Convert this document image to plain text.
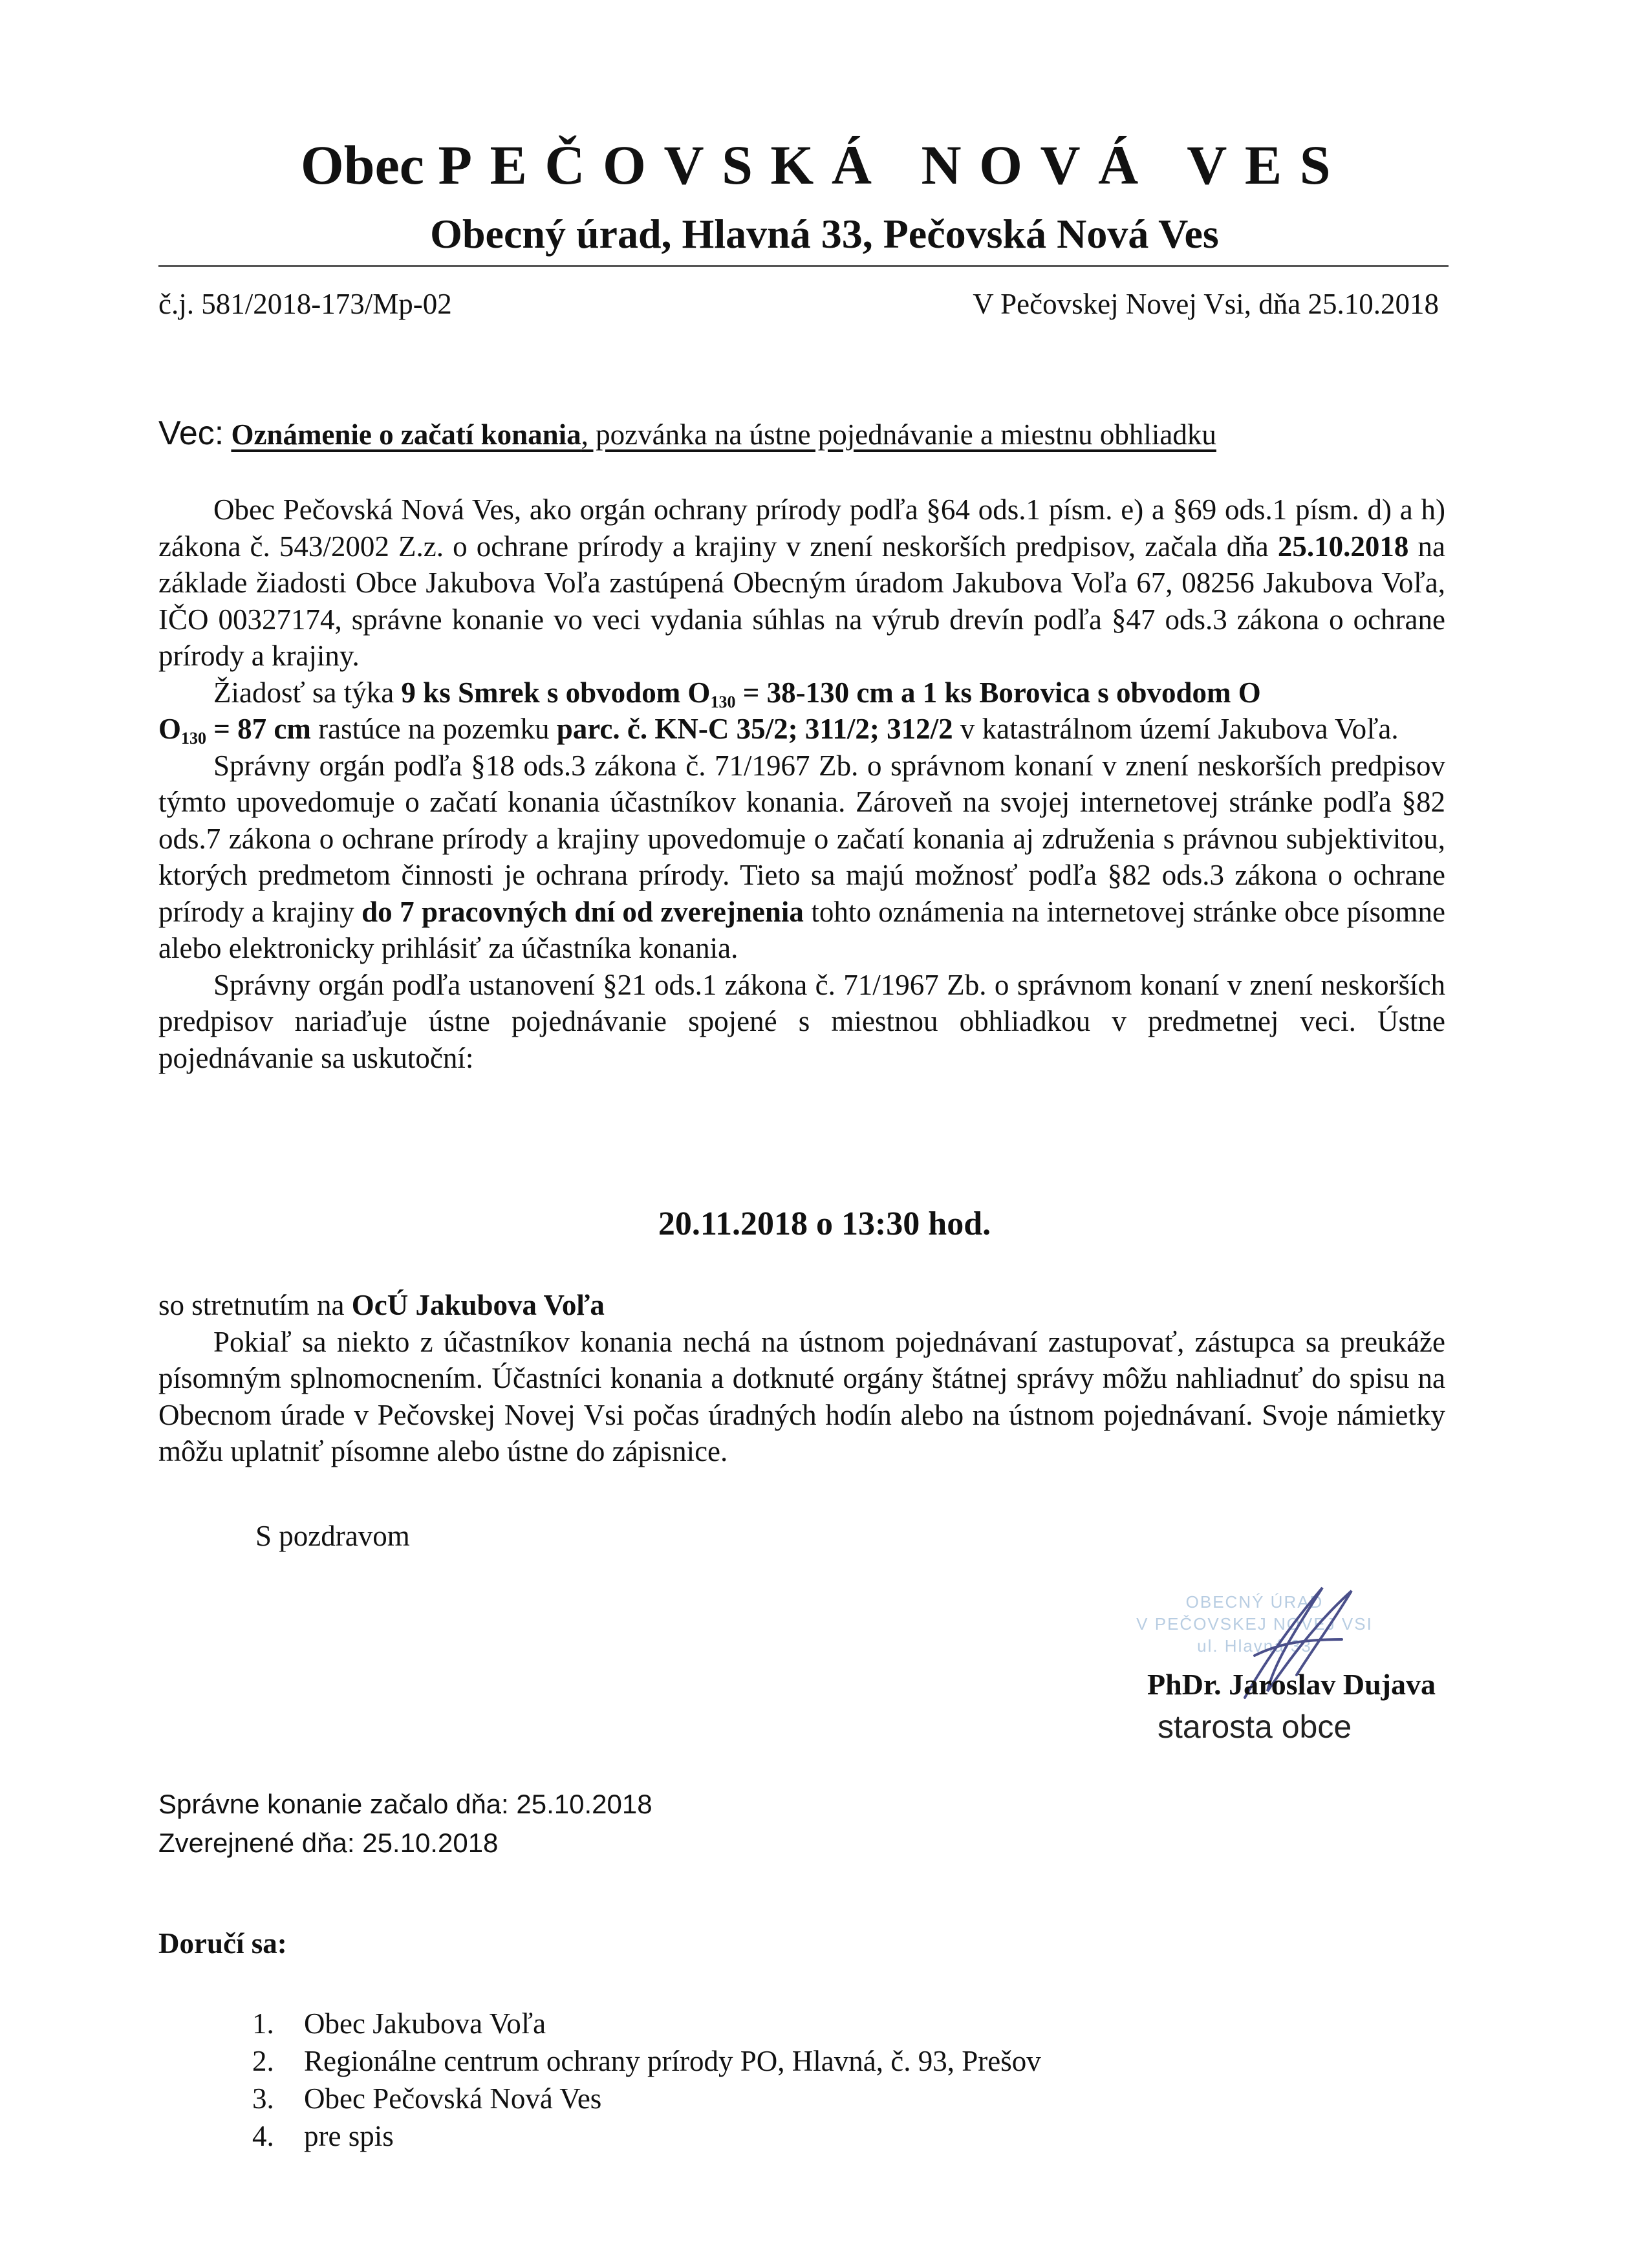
Obec PEČOVSKÁ NOVÁ VES
Obecný úrad, Hlavná 33, Pečovská Nová Ves
č.j. 581/2018-173/Mp-02	V Pečovskej Novej Vsi, dňa 25.10.2018
Vec: Oznámenie o začatí konania, pozvánka na ústne pojednávanie a miestnu obhliadku

Obec Pečovská Nová Ves, ako orgán ochrany prírody podľa §64 ods.1 písm. e) a §69 ods.1 písm. d) a h) zákona č. 543/2002 Z.z. o ochrane prírody a krajiny v znení neskorších predpisov, začala dňa 25.10.2018 na základe žiadosti Obce Jakubova Voľa zastúpená Obecným úradom Jakubova Voľa 67, 08256 Jakubova Voľa, IČO 00327174, správne konanie vo veci vydania súhlas na výrub drevín podľa §47 ods.3 zákona o ochrane prírody a krajiny.

Žiadosť sa týka 9 ks Smrek s obvodom $O_{130} = 38-130$ cm a 1 ks Borovica s obvodom O
$O_{130} = 87$ cm rastúce na pozemku parc. č. KN-C 35/2; 311/2; 312/2 v katastrálnom území Jakubova Voľa.

Správny orgán podľa §18 ods.3 zákona č. 71/1967 Zb. o správnom konaní v znení neskorších predpisov týmto upovedomuje o začatí konania účastníkov konania. Zároveň na svojej internetovej stránke podľa §82 ods.7 zákona o ochrane prírody a krajiny upovedomuje o začatí konania aj združenia s právnou subjektivitou, ktorých predmetom činnosti je ochrana prírody. Tieto sa majú možnosť podľa §82 ods.3 zákona o ochrane prírody a krajiny do 7 pracovných dní od zverejnenia tohto oznámenia na internetovej stránke obce písomne alebo elektronicky prihlásiť za účastníka konania.

Správny orgán podľa ustanovení §21 ods.1 zákona č. 71/1967 Zb. o správnom konaní v znení neskorších predpisov nariaďuje ústne pojednávanie spojené s miestnou obhliadkou v predmetnej veci. Ústne pojednávanie sa uskutoční:

20.11.2018 o 13:30 hod.

so stretnutím na OcÚ Jakubova Voľa

Pokiaľ sa niekto z účastníkov konania nechá na ústnom pojednávaní zastupovať, zástupca sa preukáže písomným splnomocnením. Účastníci konania a dotknuté orgány štátnej správy môžu nahliadnuť do spisu na Obecnom úrade v Pečovskej Novej Vsi počas úradných hodín alebo na ústnom pojednávaní. Svoje námietky môžu uplatniť písomne alebo ústne do zápisnice.

S pozdravom
OBECNÝ ÚRAD
V PEČOVSKEJ NOVEJ VSI
ul. Hlavná 33
PhDr. Jaroslav Dujava
starosta obce
Správne konanie začalo dňa: 25.10.2018
Zverejnené dňa: 25.10.2018
Doručí sa:
1.	Obec Jakubova Voľa
2.	Regionálne centrum ochrany prírody PO, Hlavná, č. 93, Prešov
3.	Obec Pečovská Nová Ves
4.	pre spis
